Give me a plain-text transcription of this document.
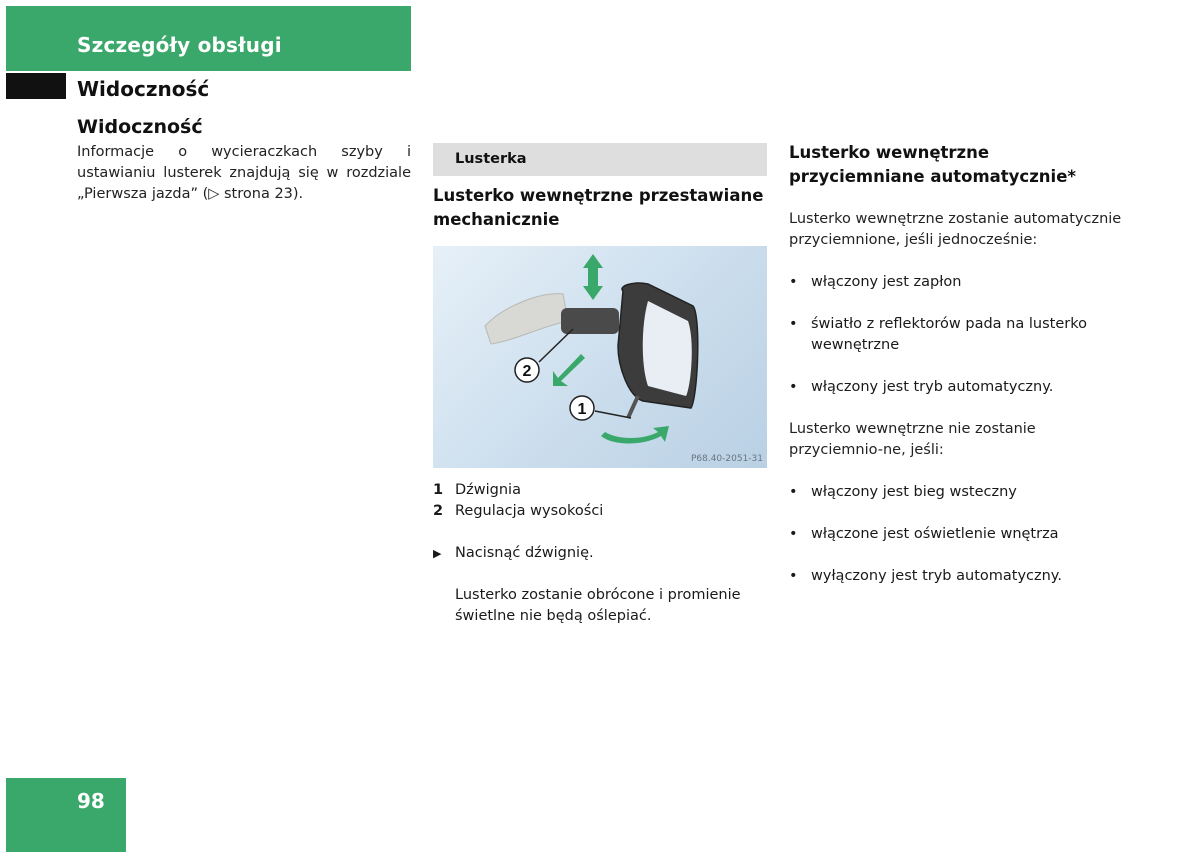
Szczegóły obsługi
Widoczność
Widoczność

Informacje o wycieraczkach szyby i ustawianiu lusterek znajdują się w rozdziale „Pierwsza jazda” (▷ strona 23).

Lusterka
Lusterko wewnętrzne przestawiane mechanicznie
2
1
P68.40-2051-31
1 Dźwignia
2 Regulacja wysokości
▶ Nacisnąć dźwignię.
Lusterko zostanie obrócone i promienie świetlne nie będą oślepiać.
Lusterko wewnętrzne przyciemniane automatycznie*

Lusterko wewnętrzne zostanie automatycznie przyciemnione, jeśli jednocześnie:

• włączony jest zapłon
• światło z reflektorów pada na lusterko wewnętrzne
• włączony jest tryb automatyczny.

Lusterko wewnętrzne nie zostanie przyciemnio-ne, jeśli:

• włączony jest bieg wsteczny
• włączone jest oświetlenie wnętrza
• wyłączony jest tryb automatyczny.
98
